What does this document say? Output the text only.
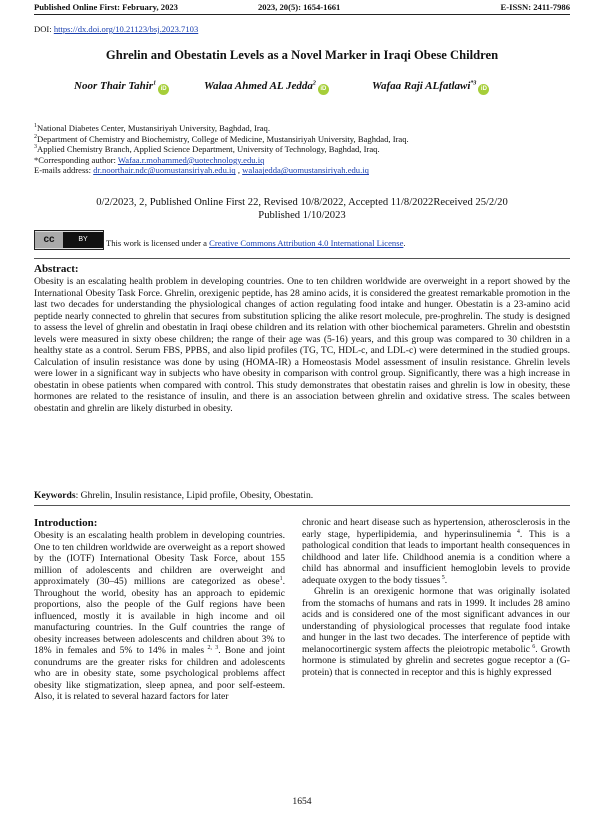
Published Online First: February, 2023	2023, 20(5): 1654-1661	E-ISSN: 2411-7986
DOI: https://dx.doi.org/10.21123/bsj.2023.7103
Ghrelin and Obestatin Levels as a Novel Marker in Iraqi Obese Children
Noor Thair Tahir$^1$iD	Walaa Ahmed AL Jedda$^2$iD	Wafaa Raji ALfatlawi$^{*3}$iD
$^1$National Diabetes Center, Mustansiriyah University, Baghdad, Iraq.
$^2$Department of Chemistry and Biochemistry, College of Medicine, Mustansiriyah University, Baghdad, Iraq.
$^3$Applied Chemistry Branch, Applied Science Department, University of Technology, Baghdad, Iraq.
*Corresponding author: Wafaa.r.mohammed@uotechnology.edu.iq
E-mails address: dr.noorthair.ndc@uomustansiriyah.edu.iq , walaajedda@uomustansiriyah.edu.iq
0/2/2023, 2, Published Online First 22, Revised 10/8/2022, Accepted 11/8/2022Received 25/2/20
Published 1/10/2023
cc	BY	This work is licensed under a Creative Commons Attribution 4.0 International License.
Abstract:
Obesity is an escalating health problem in developing countries. One to ten children worldwide are overweight in a report showed by the International Obesity Task Force. Ghrelin, orexigenic peptide, has 28 amino acids, it is considered the greatest remarkable promotion in the last two decades for understanding the physiological changes of action regulating food intake and hunger. Obestatin is a 23-amino acid peptide nearly connected to ghrelin that secures from substitution splicing the alike resort molecule, pre-proghrelin. The study is designed to assess the level of ghrelin and obestatin in Iraqi obese children and its relation with other biochemical parameters. Ghrelin and obeststin levels were measured in sixty obese children; the range of their age was (5-16) years, and this group was compared to 30 children in a healthy state as a control. Serum FBS, PPBS, and also lipid profiles (TG, TC, HDL-c, and LDL-c) were determined in the studied groups. Calculation of insulin resistance was done by using (HOMA-IR) a Homeostasis Model assessment of insulin resistance. Ghrelin levels were lower in a significant way in subjects who have obesity in comparison with control group. Significantly, there was a high increase in obestatin in obese patients when compared with control. This study demonstrates that obestatin raises and ghrelin is low in obesity, these hormones are related to the resistance of insulin, and there is an association between ghrelin and oxidative stress. The scales between obestatin and ghrelin are likely disturbed in obesity.
Keywords: Ghrelin, Insulin resistance, Lipid profile, Obesity, Obestatin.
Introduction:
Obesity is an escalating health problem in developing countries. One to ten children worldwide are overweight as a report showed by the (IOTF) International Obesity Task Force, about 155 million of adolescents and children are overweight and approximately (30–45) millions are categorized as obese$^1$. Throughout the world, obesity has an approach to epidemic proportions, also the people of the Gulf regions have been influenced, mostly it is available in high income and oil manufacturing countries. In the Gulf countries the range of obesity increases between adolescents and children about 3% to 18% in females and 5% to 14% in males $^{2, 3}$. Bone and joint conundrums are the greater risks for children and adolescents who are in obesity state, some psychological problems affect obesity like stigmatization, sleep apnea, and poor self-esteem. Also, it is related to several hazard factors for later
chronic and heart disease such as hypertension, atherosclerosis in the early stage, hyperlipidemia, and hyperinsulinemia $^4$. This is a pathological condition that leads to important health consequences in childhood and later life. Childhood anemia is a condition where a child has abnormal and insufficient hemoglobin levels to provide adequate oxygen to the body tissues $^5$.
Ghrelin is an orexigenic hormone that was originally isolated from the stomachs of humans and rats in 1999. It includes 28 amino acids and is considered one of the most significant advances in our understanding of physiological processes that regulate food intake and hunger in the last two decades. The interference of peptide with melanocortinergic system affects the pleiotropic metabolic $^6$. Growth hormone is stimulated by ghrelin and secretes gogue receptor a (G-protein) that is connected in receptor and this is highly expressed
1654
